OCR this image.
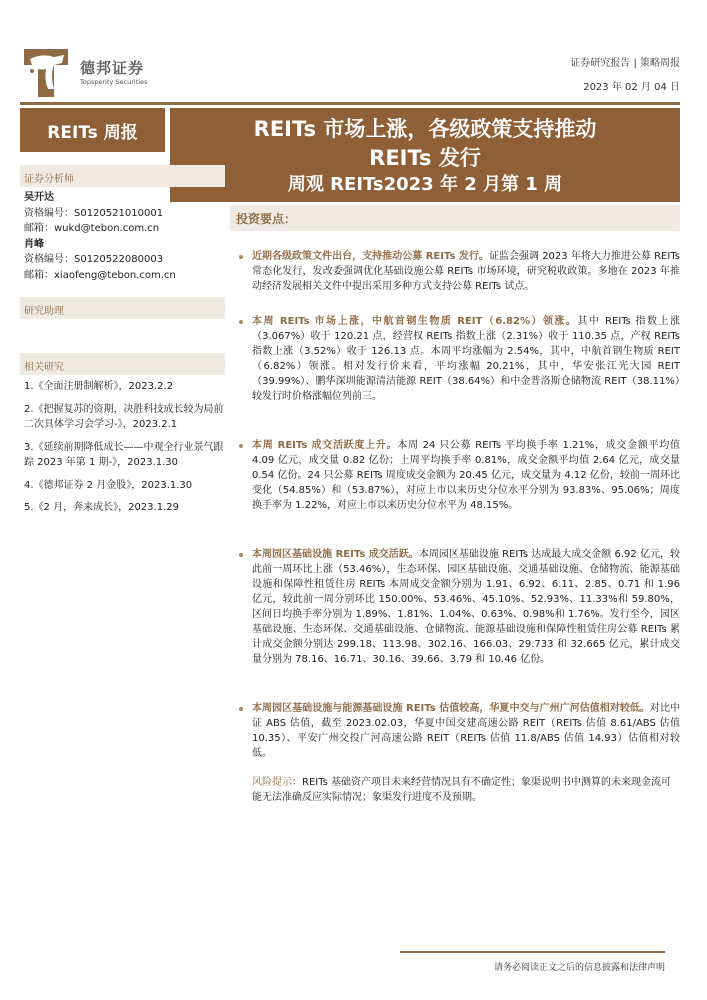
德邦证券
Topsperity Securities
证券研究报告 | 策略周报
2023 年 02 月 04 日
REITs 周报	REITs 市场上涨，各级政策支持推动
REITs 发行
周观 REITs2023 年 2 月第 1 周
证券分析师
吴开达
资格编号：S0120521010001
邮箱：wukd@tebon.com.cn
肖峰
资格编号：S0120522080003
邮箱：xiaofeng@tebon.com.cn
研究助理
相关研究
1.《全面注册制解析》，2023.2.2
2.《把握复苏的资期，决胜科技成长较为局前二次具体学习会学习-》，2023.2.1
3.《延续前期降低成长——中观全行业景气跟踪 2023 年第 1 期-》，2023.1.30
4.《德邦证券 2 月金股》，2023.1.30
5.《2 月，奔来成长》，2023.1.29
投资要点：
近期各级政策文件出台，支持推动公募 REITs 发行。证监会强调 2023 年将大力推进公募 REITs 常态化发行，发改委强调优化基础设施公募 REITs 市场环境，研究税收政策。多地在 2023 年推动经济发展相关文件中提出采用多种方式支持公募 REITs 试点。
本周 REITs 市场上涨，中航首钢生物质 REIT（6.82%）领涨。其中 REITs 指数上涨（3.067%）收于 120.21 点，经营权 REITs 指数上涨（2.31%）收于 110.35 点，产权 REITs 指数上涨（3.52%）收于 126.13 点。本周平均涨幅为 2.54%，其中，中航首钢生物质 REIT（6.82%）领涨。相对发行价来看，平均涨幅 20.21%，其中，华安张江光大园 REIT（39.99%）、鹏华深圳能源清洁能源 REIT（38.64%）和中金普洛斯仓储物流 REIT（38.11%）较发行时价格涨幅位列前三。
本周 REITs 成交活跃度上升。本周 24 只公募 REITs 平均换手率 1.21%，成交金额平均值 4.09 亿元，成交量 0.82 亿份；上周平均换手率 0.81%，成交金额平均值 2.64 亿元，成交量 0.54 亿份。24 只公募 REITs 周度成交金额为 20.45 亿元，成交量为 4.12 亿份，较前一周环比变化（54.85%）和（53.87%），对应上市以来历史分位水平分别为 93.83%、95.06%；周度换手率为 1.22%，对应上市以来历史分位水平为 48.15%。
本周园区基础设施 REITs 成交活跃。本周园区基础设施 REITs 达成最大成交金额 6.92 亿元，较此前一周环比上涨（53.46%），生态环保、园区基础设施、交通基础设施、仓储物流、能源基础设施和保障性租赁住房 REITs 本周成交金额分别为 1.91、6.92、6.11、2.85、0.71 和 1.96 亿元，较此前一周分别环比 150.00%、53.46%、45.10%、52.93%、11.33%和 59.80%，区间日均换手率分别为 1.89%、1.81%、1.04%、0.63%、0.98%和 1.76%。发行至今，园区基础设施、生态环保、交通基础设施、仓储物流、能源基础设施和保障性租赁住房公募 REITs 累计成交金额分别达 299.18、113.98、302.16、166.03、29.733 和 32.665 亿元，累计成交量分别为 78.16、16.71、30.16、39.66、3.79 和 10.46 亿份。
本周园区基础设施与能源基础设施 REITs 估值较高，华夏中交与广州广河估值相对较低。对比中证 ABS 估值，截至 2023.02.03，华夏中国交建高速公路 REIT（REITs 估值 8.61/ABS 估值 10.35）、平安广州交投广河高速公路 REIT（REITs 估值 11.8/ABS 估值 14.93）估值相对较低。
风险提示：REITs 基础资产项目未来经营情况具有不确定性；象渠说明书中测算的未来现金流可能无法准确反应实际情况；象渠发行进度不及预期。
请务必阅读正文之后的信息披露和法律声明
